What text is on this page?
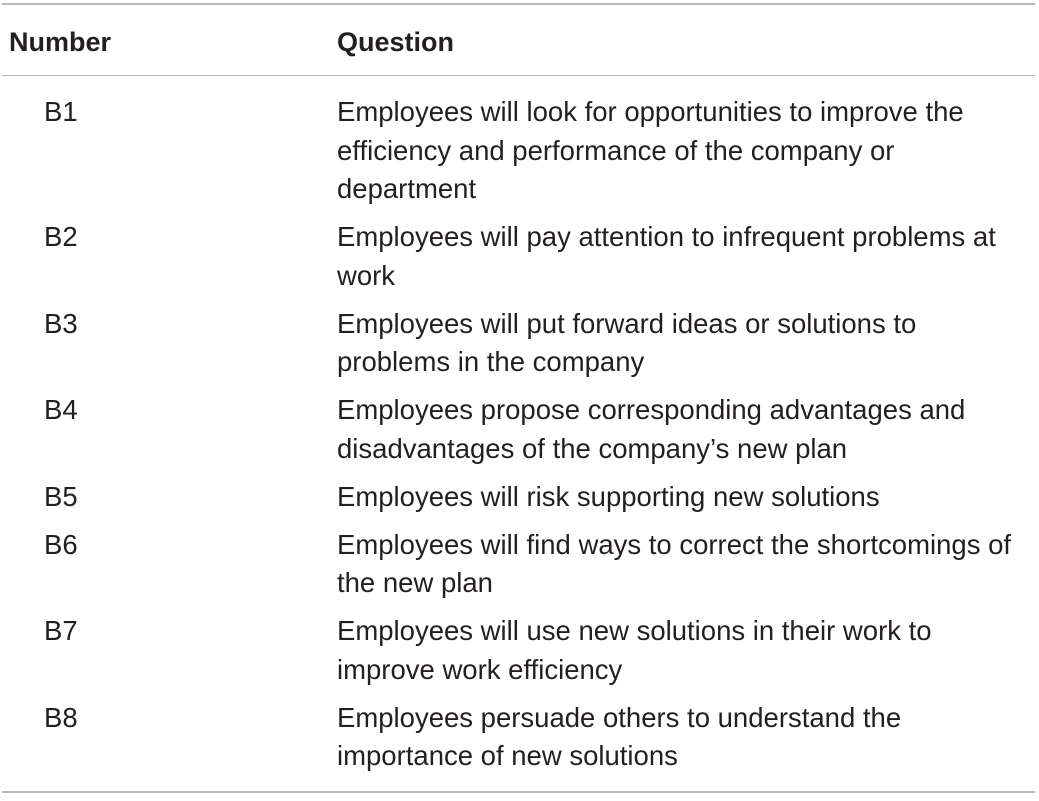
Number	Question
B1	Employees will look for opportunities to improve the efficiency and performance of the company or department
B2	Employees will pay attention to infrequent problems at work
B3	Employees will put forward ideas or solutions to problems in the company
B4	Employees propose corresponding advantages and disadvantages of the company’s new plan
B5	Employees will risk supporting new solutions
B6	Employees will find ways to correct the shortcomings of the new plan
B7	Employees will use new solutions in their work to improve work efficiency
B8	Employees persuade others to understand the importance of new solutions
